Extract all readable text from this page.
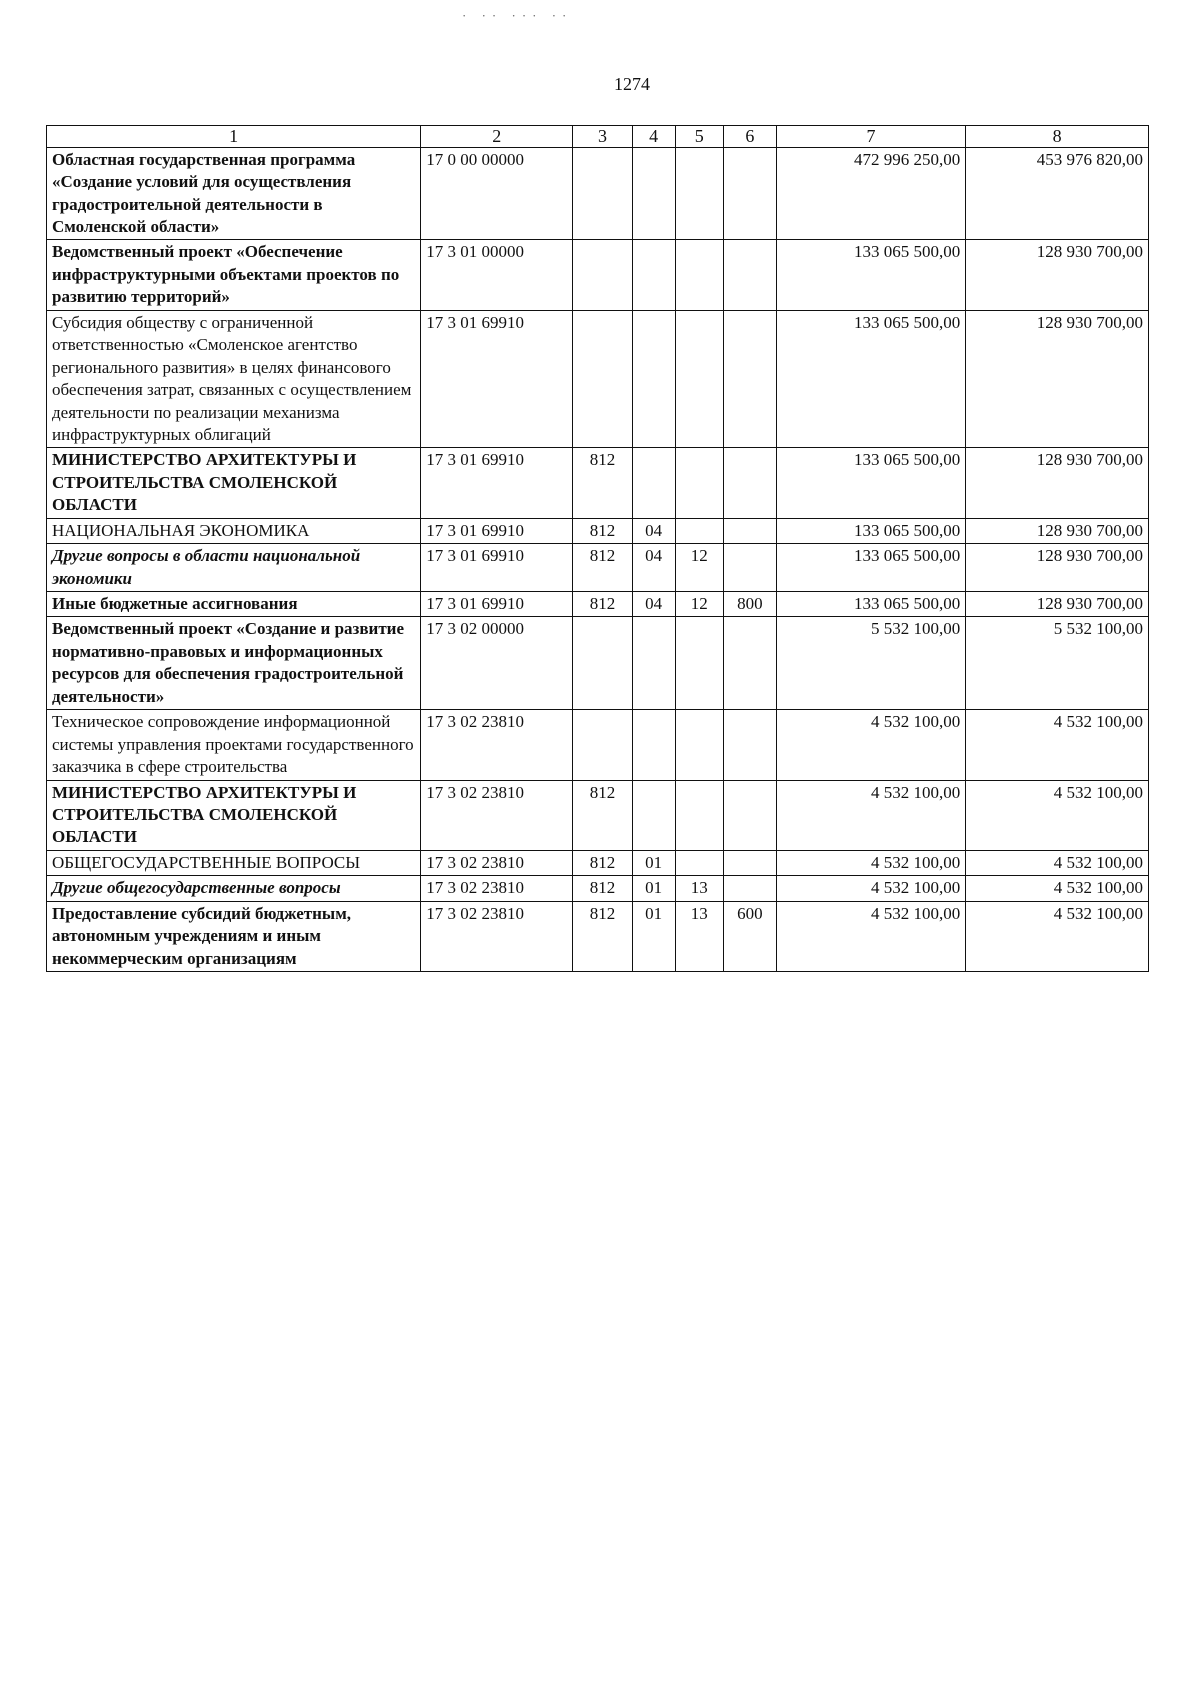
· ·· ··· ··
1274
1	2	3	4	5	6	7	8
Областная государственная программа «Создание условий для осуществления градостроительной деятельности в Смоленской области»	17 0 00 00000					472 996 250,00	453 976 820,00
Ведомственный проект «Обеспечение инфраструктурными объектами проектов по развитию территорий»	17 3 01 00000					133 065 500,00	128 930 700,00
Субсидия обществу с ограниченной ответственностью «Смоленское агентство регионального развития» в целях финансового обеспечения затрат, связанных с осуществлением деятельности по реализации механизма инфраструктурных облигаций	17 3 01 69910					133 065 500,00	128 930 700,00
МИНИСТЕРСТВО АРХИТЕКТУРЫ И СТРОИТЕЛЬСТВА СМОЛЕНСКОЙ ОБЛАСТИ	17 3 01 69910	812				133 065 500,00	128 930 700,00
НАЦИОНАЛЬНАЯ ЭКОНОМИКА	17 3 01 69910	812	04			133 065 500,00	128 930 700,00
Другие вопросы в области национальной экономики	17 3 01 69910	812	04	12		133 065 500,00	128 930 700,00
Иные бюджетные ассигнования	17 3 01 69910	812	04	12	800	133 065 500,00	128 930 700,00
Ведомственный проект «Создание и развитие нормативно-правовых и информационных ресурсов для обеспечения градостроительной деятельности»	17 3 02 00000					5 532 100,00	5 532 100,00
Техническое сопровождение информационной системы управления проектами государственного заказчика в сфере строительства	17 3 02 23810					4 532 100,00	4 532 100,00
МИНИСТЕРСТВО АРХИТЕКТУРЫ И СТРОИТЕЛЬСТВА СМОЛЕНСКОЙ ОБЛАСТИ	17 3 02 23810	812				4 532 100,00	4 532 100,00
ОБЩЕГОСУДАРСТВЕННЫЕ ВОПРОСЫ	17 3 02 23810	812	01			4 532 100,00	4 532 100,00
Другие общегосударственные вопросы	17 3 02 23810	812	01	13		4 532 100,00	4 532 100,00
Предоставление субсидий бюджетным, автономным учреждениям и иным некоммерческим организациям	17 3 02 23810	812	01	13	600	4 532 100,00	4 532 100,00
